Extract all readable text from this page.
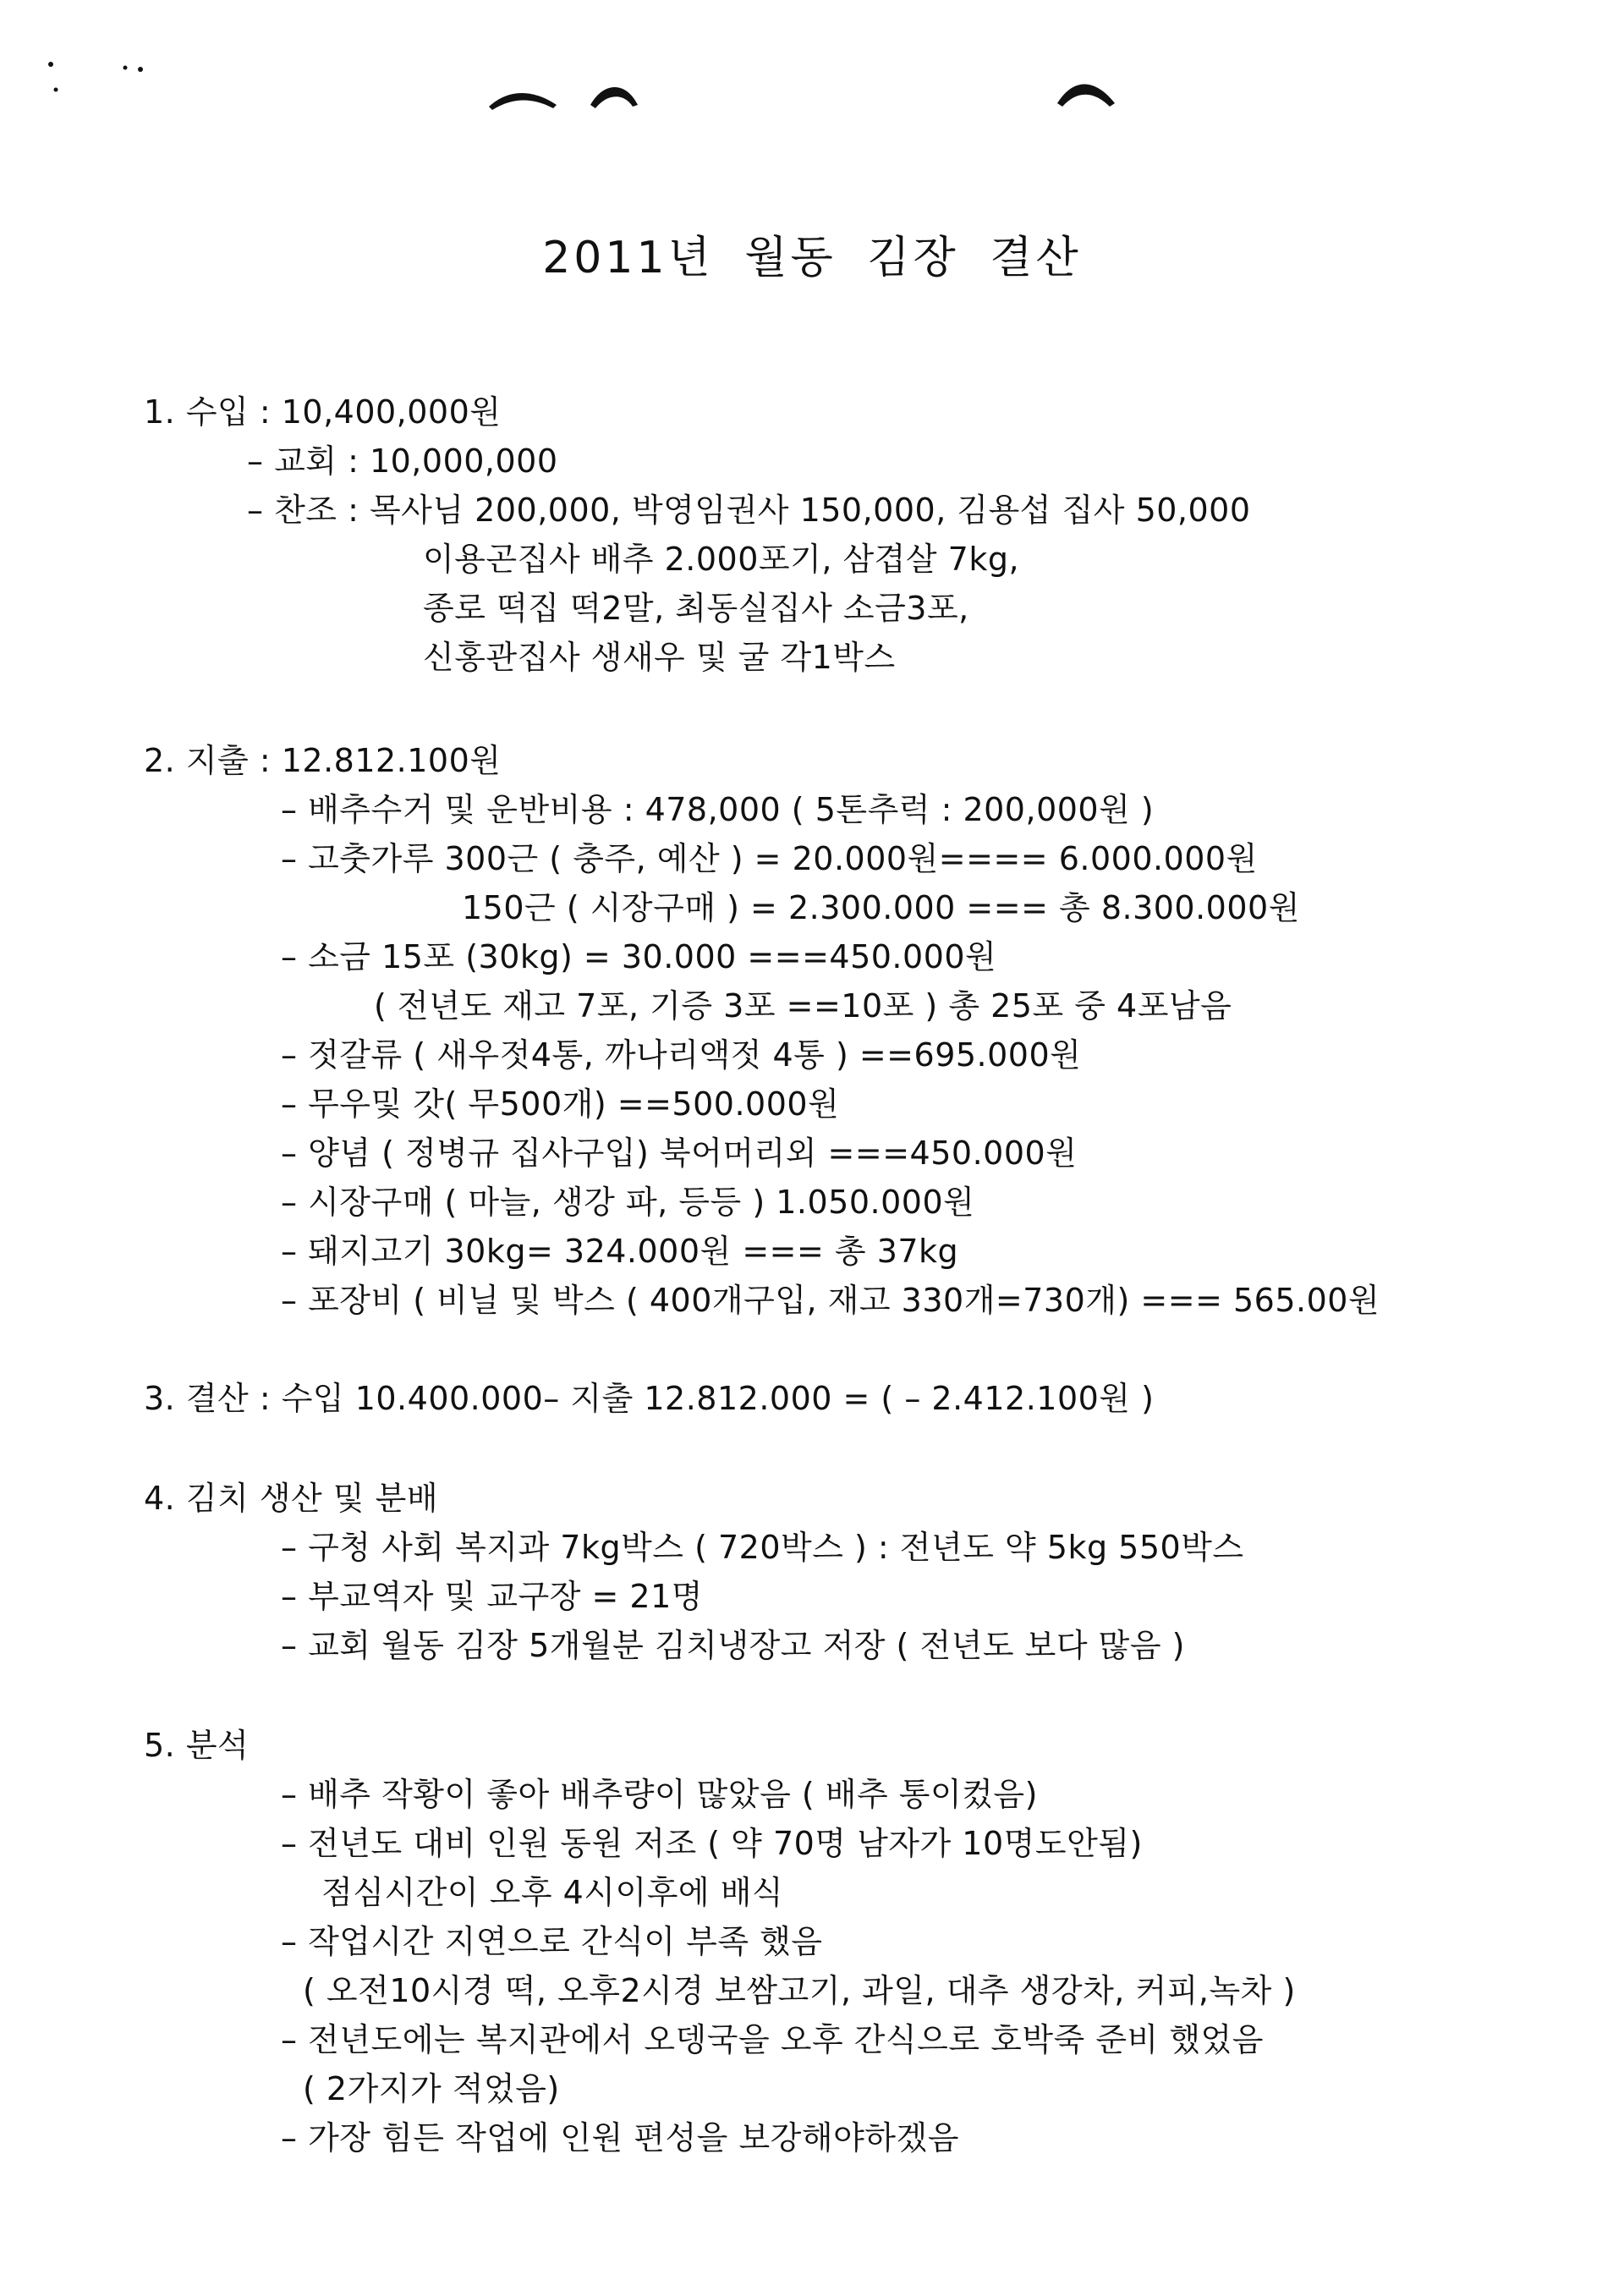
2011년 월동 김장 결산
1. 수입 : 10,400,000원
– 교회 : 10,000,000
– 찬조 : 목사님 200,000, 박영임권사 150,000, 김용섭 집사 50,000
이용곤집사 배추 2.000포기, 삼겹살 7kg,
종로 떡집 떡2말, 최동실집사 소금3포,
신홍관집사 생새우 및 굴 각1박스
2. 지출 : 12.812.100원
– 배추수거 및 운반비용 : 478,000 ( 5톤추럭 : 200,000원 )
– 고춧가루 300근 ( 충주, 예산 ) = 20.000원==== 6.000.000원
150근 ( 시장구매 ) = 2.300.000 === 총 8.300.000원
– 소금 15포 (30kg) = 30.000 ===450.000원
( 전년도 재고 7포, 기증 3포 ==10포 ) 총 25포 중 4포남음
– 젓갈류 ( 새우젓4통, 까나리액젓 4통 ) ==695.000원
– 무우및 갓( 무500개) ==500.000원
– 양념 ( 정병규 집사구입) 북어머리외 ===450.000원
– 시장구매 ( 마늘, 생강 파, 등등 ) 1.050.000원
– 돼지고기 30kg= 324.000원 === 총 37kg
– 포장비 ( 비닐 및 박스 ( 400개구입, 재고 330개=730개) === 565.00원
3. 결산 : 수입 10.400.000– 지출 12.812.000 = ( – 2.412.100원 )
4. 김치 생산 및 분배
– 구청 사회 복지과 7kg박스 ( 720박스 ) : 전년도 약 5kg 550박스
– 부교역자 및 교구장 = 21명
– 교회 월동 김장 5개월분 김치냉장고 저장 ( 전년도 보다 많음 )
5. 분석
– 배추 작황이 좋아 배추량이 많았음 ( 배추 통이컸음)
– 전년도 대비 인원 동원 저조 ( 약 70명 남자가 10명도안됨)
점심시간이 오후 4시이후에 배식
– 작업시간 지연으로 간식이 부족 했음
( 오전10시경 떡, 오후2시경 보쌈고기, 과일, 대추 생강차, 커피,녹차 )
– 전년도에는 복지관에서 오뎅국을 오후 간식으로 호박죽 준비 했었음
( 2가지가 적었음)
– 가장 힘든 작업에 인원 편성을 보강해야하겠음
